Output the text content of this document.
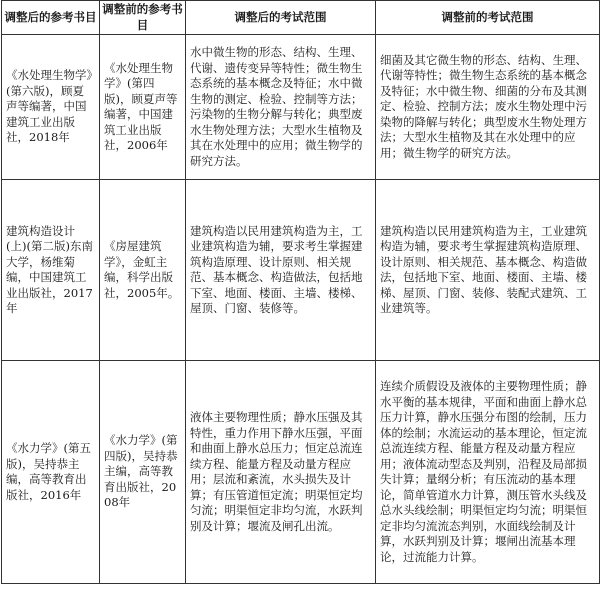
调整后的参考书目	调整前的参考书目	调整后的考试范围	调整前的考试范围

《水处理生物学》(第六版)，顾夏声等编著，中国建筑工业出版社，2018年	《水处理生物学》(第四版)，顾夏声等编著，中国建筑工业出版社，2006年	水中微生物的形态、结构、生理、代谢、遗传变异等特性；微生物生态系统的基本概念及特征；水中微生物的测定、检验、控制等方法；污染物的生物分解与转化；典型废水生物处理方法；大型水生植物及其在水处理中的应用；微生物学的研究方法。	细菌及其它微生物的形态、结构、生理、代谢等特性；微生物生态系统的基本概念及特征；水中微生物、细菌的分布及其测定、检验、控制方法；废水生物处理中污染物的降解与转化；典型废水生物处理方法；大型水生植物及其在水处理中的应用；微生物学的研究方法。

建筑构造设计(上)(第二版)东南大学，杨维菊编，中国建筑工业出版社，2017年	《房屋建筑学》，金虹主编，科学出版社，2005年。	建筑构造以民用建筑构造为主，工业建筑构造为辅，要求考生掌握建筑构造原理、设计原则、相关规范、基本概念、构造做法，包括地下室、地面、楼面、主墙、楼梯、屋顶、门窗、装修等。	建筑构造以民用建筑构造为主，工业建筑构造为辅，要求考生掌握建筑构造原理、设计原则、相关规范、基本概念、构造做法，包括地下室、地面、楼面、主墙、楼梯、屋顶、门窗、装修、装配式建筑、工业建筑等。

《水力学》(第五版)，吴持恭主编，高等教育出版社，2016年	《水力学》(第四版)，吴持恭主编，高等教育出版社，2008年	液体主要物理性质；静水压强及其特性，重力作用下静水压强，平面和曲面上静水总压力；恒定总流连续方程、能量方程及动量方程应用；层流和紊流，水头损失及计算；有压管道恒定流；明渠恒定均匀流；明渠恒定非均匀流，水跃判别及计算；堰流及闸孔出流。	连续介质假设及液体的主要物理性质；静水平衡的基本规律，平面和曲面上静水总压力计算，静水压强分布图的绘制，压力体的绘制；水流运动的基本理论，恒定流总流连续方程、能量方程及动量方程应用；液体流动型态及判别，沿程及局部损失计算；量纲分析；有压流动的基本理论，简单管道水力计算，测压管水头线及总水头线绘制；明渠恒定均匀流；明渠恒定非均匀流流态判别，水面线绘制及计算，水跃判别及计算；堰闸出流基本理论，过流能力计算。
